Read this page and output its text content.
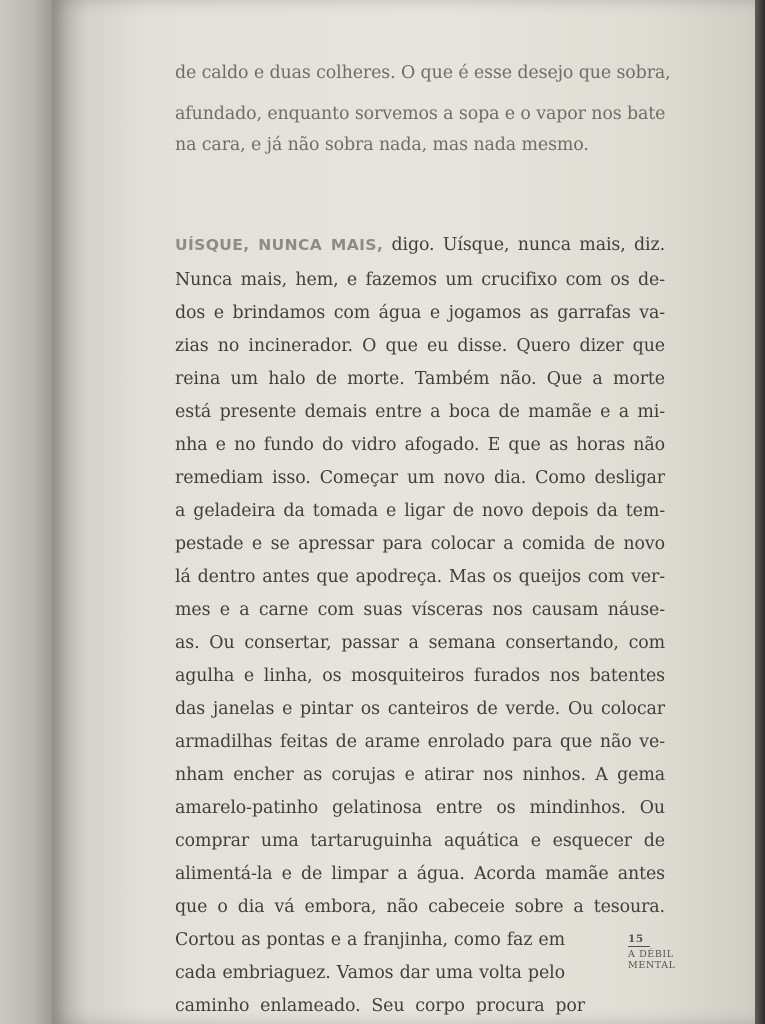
de caldo e duas colheres. O que é esse desejo que sobra,
afundado, enquanto sorvemos a sopa e o vapor nos bate
na cara, e já não sobra nada, mas nada mesmo.
UÍSQUE, NUNCA MAIS, digo. Uísque, nunca mais, diz.
Nunca mais, hem, e fazemos um crucifixo com os de-
dos e brindamos com água e jogamos as garrafas va-
zias no incinerador. O que eu disse. Quero dizer que
reina um halo de morte. Também não. Que a morte
está presente demais entre a boca de mamãe e a mi-
nha e no fundo do vidro afogado. E que as horas não
remediam isso. Começar um novo dia. Como desligar
a geladeira da tomada e ligar de novo depois da tem-
pestade e se apressar para colocar a comida de novo
lá dentro antes que apodreça. Mas os queijos com ver-
mes e a carne com suas vísceras nos causam náuse-
as. Ou consertar, passar a semana consertando, com
agulha e linha, os mosquiteiros furados nos batentes
das janelas e pintar os canteiros de verde. Ou colocar
armadilhas feitas de arame enrolado para que não ve-
nham encher as corujas e atirar nos ninhos. A gema
amarelo-patinho gelatinosa entre os mindinhos. Ou
comprar uma tartaruguinha aquática e esquecer de
alimentá-la e de limpar a água. Acorda mamãe antes
que o dia vá embora, não cabeceie sobre a tesoura.
Cortou as pontas e a franjinha, como faz em
cada embriaguez. Vamos dar uma volta pelo
caminho enlameado. Seu corpo procura por
15
A DÉBIL
MENTAL
